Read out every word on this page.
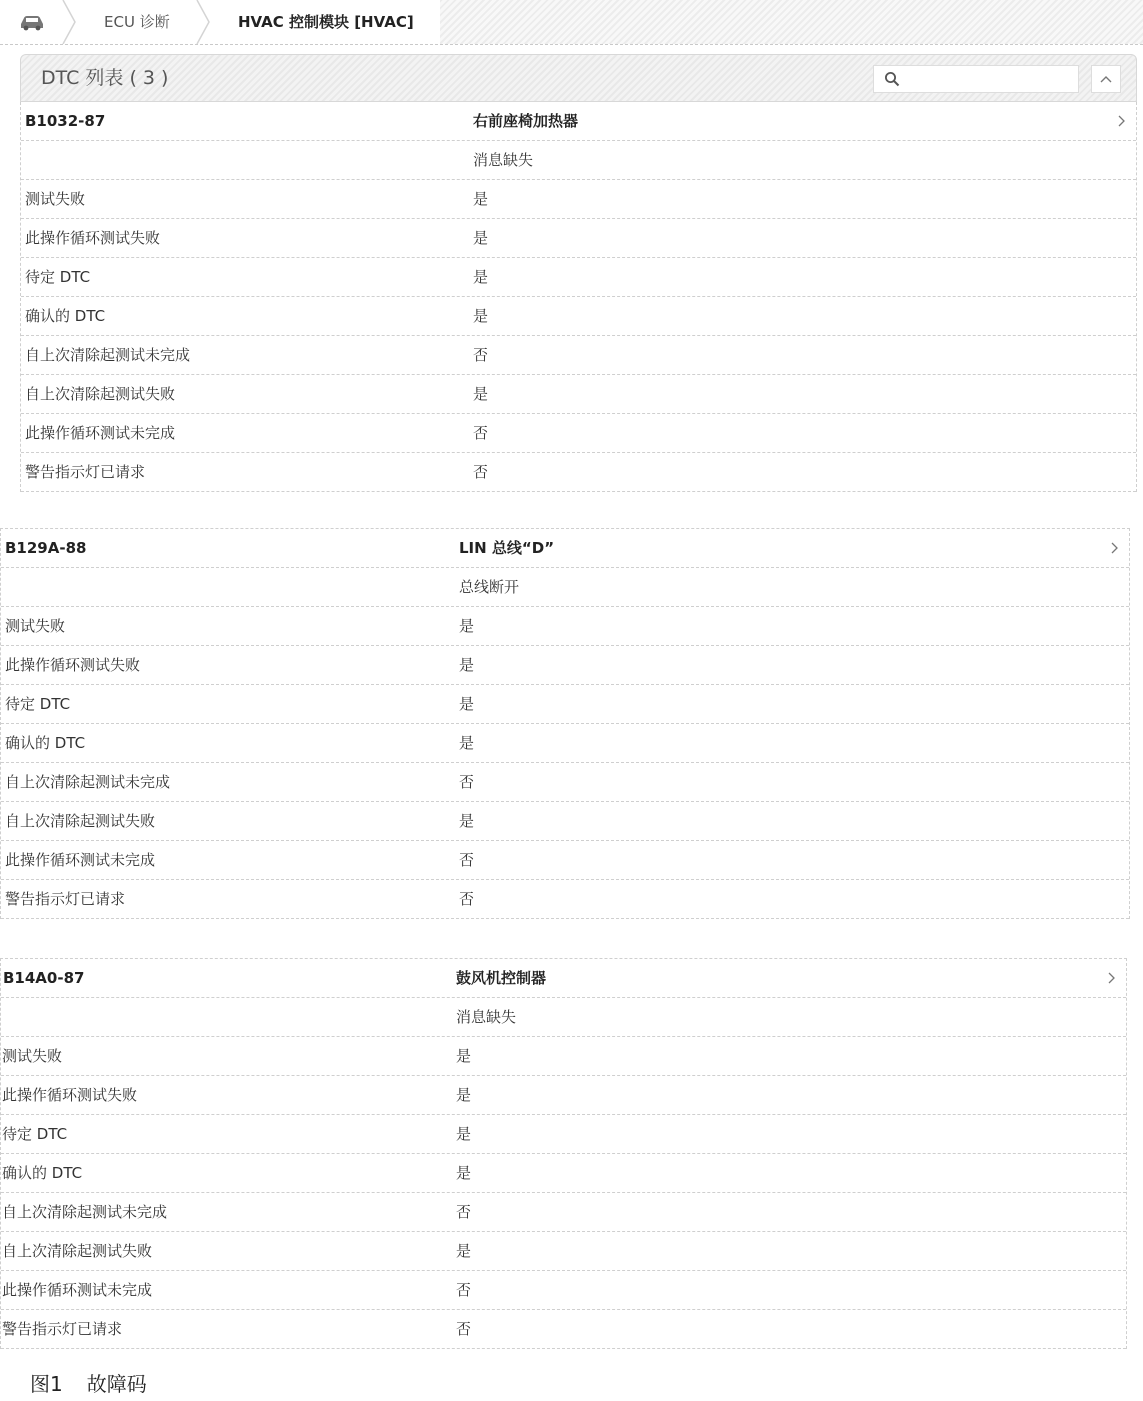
ECU 诊断	HVAC 控制模块 [HVAC]
DTC 列表 ( 3 )
B1032-87	右前座椅加热器
消息缺失
测试失败	是
此操作循环测试失败	是
待定 DTC	是
确认的 DTC	是
自上次清除起测试未完成	否
自上次清除起测试失败	是
此操作循环测试未完成	否
警告指示灯已请求	否
B129A-88	LIN 总线“D”
总线断开
测试失败	是
此操作循环测试失败	是
待定 DTC	是
确认的 DTC	是
自上次清除起测试未完成	否
自上次清除起测试失败	是
此操作循环测试未完成	否
警告指示灯已请求	否
B14A0-87	鼓风机控制器
消息缺失
测试失败	是
此操作循环测试失败	是
待定 DTC	是
确认的 DTC	是
自上次清除起测试未完成	否
自上次清除起测试失败	是
此操作循环测试未完成	否
警告指示灯已请求	否
图1 故障码
